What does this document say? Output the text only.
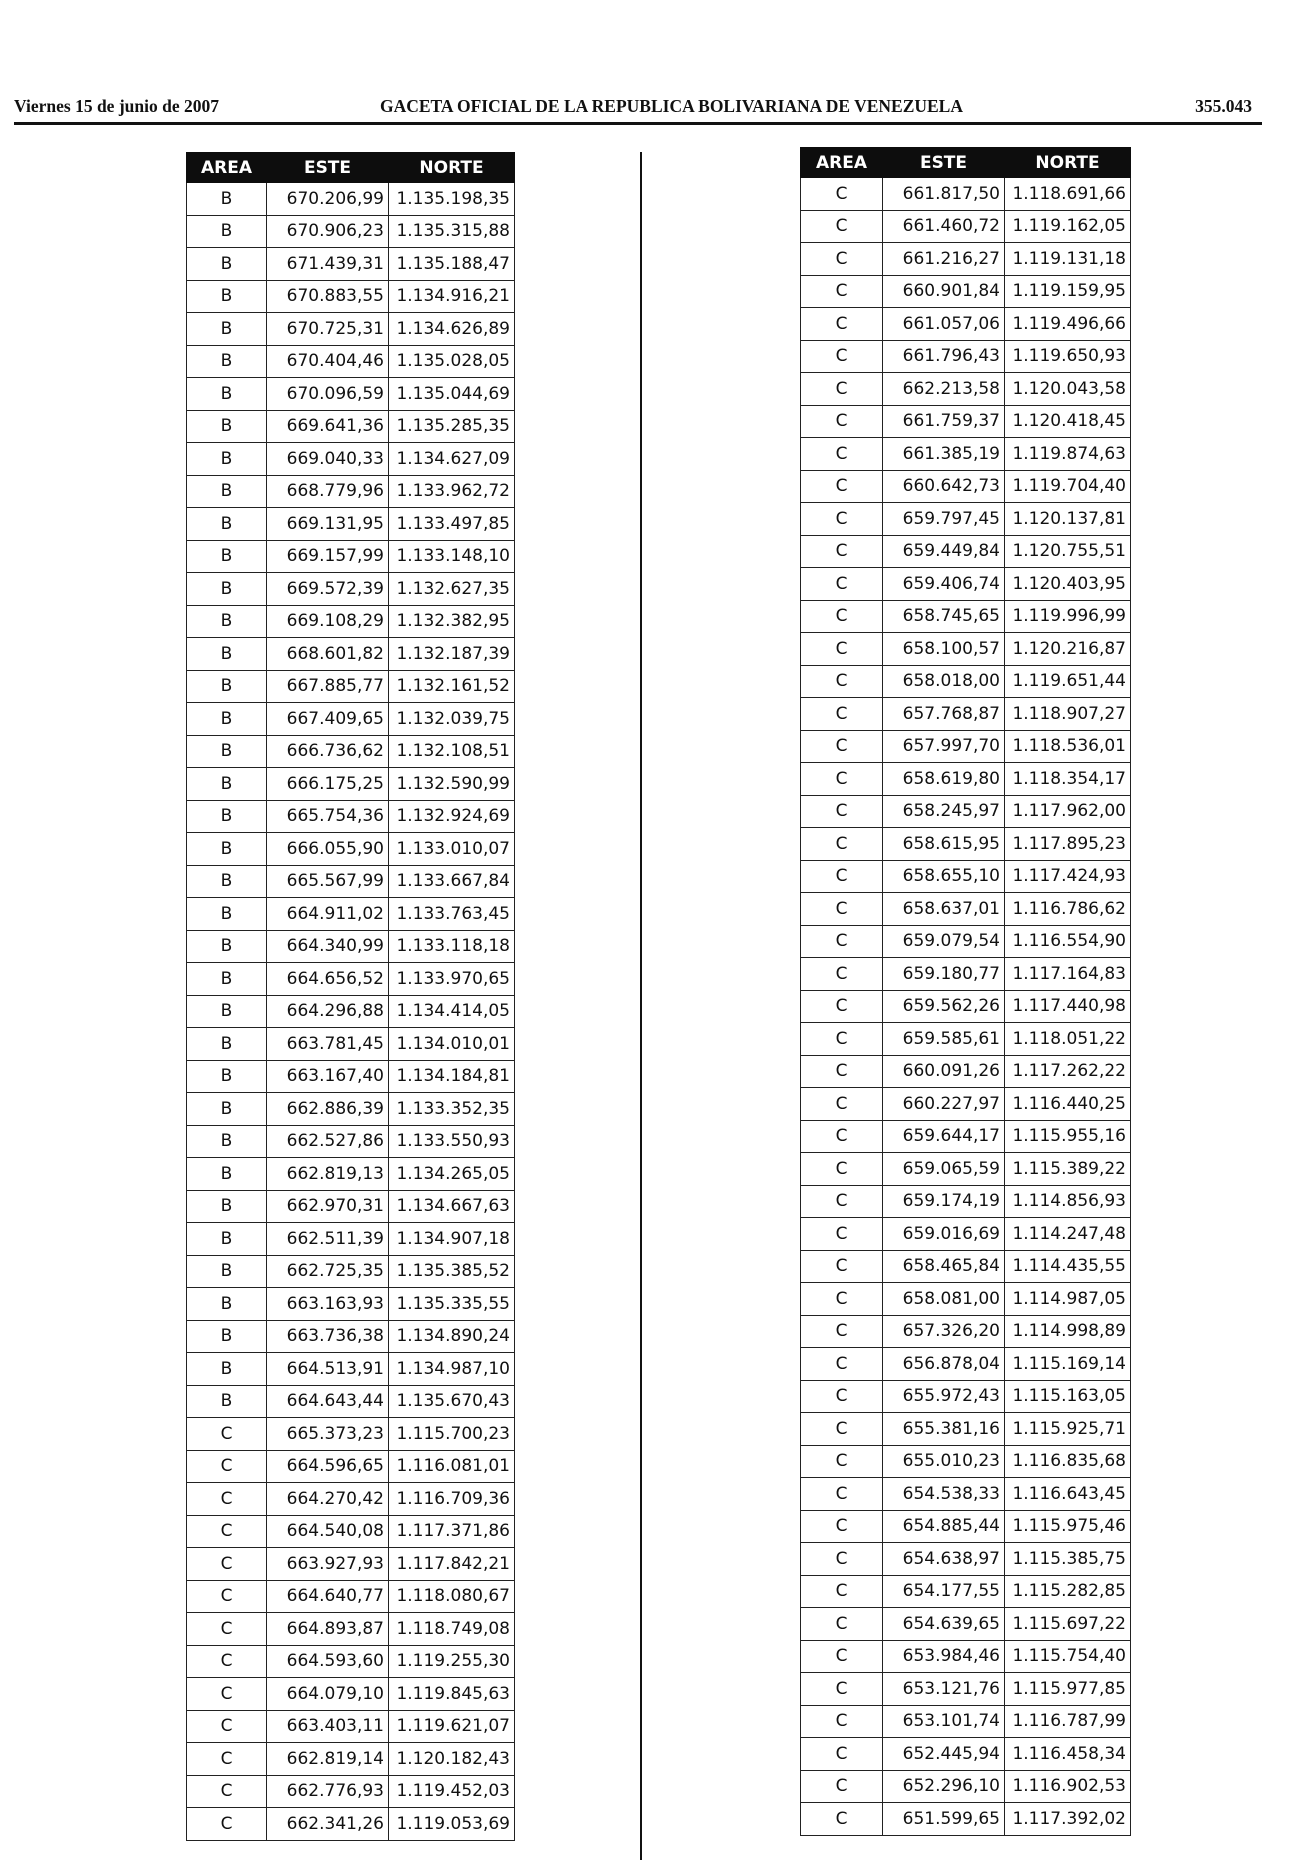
Viernes 15 de junio de 2007	GACETA OFICIAL DE LA REPUBLICA BOLIVARIANA DE VENEZUELA	355.043
AREA	ESTE	NORTE
B	670.206,99	1.135.198,35
B	670.906,23	1.135.315,88
B	671.439,31	1.135.188,47
B	670.883,55	1.134.916,21
B	670.725,31	1.134.626,89
B	670.404,46	1.135.028,05
B	670.096,59	1.135.044,69
B	669.641,36	1.135.285,35
B	669.040,33	1.134.627,09
B	668.779,96	1.133.962,72
B	669.131,95	1.133.497,85
B	669.157,99	1.133.148,10
B	669.572,39	1.132.627,35
B	669.108,29	1.132.382,95
B	668.601,82	1.132.187,39
B	667.885,77	1.132.161,52
B	667.409,65	1.132.039,75
B	666.736,62	1.132.108,51
B	666.175,25	1.132.590,99
B	665.754,36	1.132.924,69
B	666.055,90	1.133.010,07
B	665.567,99	1.133.667,84
B	664.911,02	1.133.763,45
B	664.340,99	1.133.118,18
B	664.656,52	1.133.970,65
B	664.296,88	1.134.414,05
B	663.781,45	1.134.010,01
B	663.167,40	1.134.184,81
B	662.886,39	1.133.352,35
B	662.527,86	1.133.550,93
B	662.819,13	1.134.265,05
B	662.970,31	1.134.667,63
B	662.511,39	1.134.907,18
B	662.725,35	1.135.385,52
B	663.163,93	1.135.335,55
B	663.736,38	1.134.890,24
B	664.513,91	1.134.987,10
B	664.643,44	1.135.670,43
C	665.373,23	1.115.700,23
C	664.596,65	1.116.081,01
C	664.270,42	1.116.709,36
C	664.540,08	1.117.371,86
C	663.927,93	1.117.842,21
C	664.640,77	1.118.080,67
C	664.893,87	1.118.749,08
C	664.593,60	1.119.255,30
C	664.079,10	1.119.845,63
C	663.403,11	1.119.621,07
C	662.819,14	1.120.182,43
C	662.776,93	1.119.452,03
C	662.341,26	1.119.053,69
AREA	ESTE	NORTE
C	661.817,50	1.118.691,66
C	661.460,72	1.119.162,05
C	661.216,27	1.119.131,18
C	660.901,84	1.119.159,95
C	661.057,06	1.119.496,66
C	661.796,43	1.119.650,93
C	662.213,58	1.120.043,58
C	661.759,37	1.120.418,45
C	661.385,19	1.119.874,63
C	660.642,73	1.119.704,40
C	659.797,45	1.120.137,81
C	659.449,84	1.120.755,51
C	659.406,74	1.120.403,95
C	658.745,65	1.119.996,99
C	658.100,57	1.120.216,87
C	658.018,00	1.119.651,44
C	657.768,87	1.118.907,27
C	657.997,70	1.118.536,01
C	658.619,80	1.118.354,17
C	658.245,97	1.117.962,00
C	658.615,95	1.117.895,23
C	658.655,10	1.117.424,93
C	658.637,01	1.116.786,62
C	659.079,54	1.116.554,90
C	659.180,77	1.117.164,83
C	659.562,26	1.117.440,98
C	659.585,61	1.118.051,22
C	660.091,26	1.117.262,22
C	660.227,97	1.116.440,25
C	659.644,17	1.115.955,16
C	659.065,59	1.115.389,22
C	659.174,19	1.114.856,93
C	659.016,69	1.114.247,48
C	658.465,84	1.114.435,55
C	658.081,00	1.114.987,05
C	657.326,20	1.114.998,89
C	656.878,04	1.115.169,14
C	655.972,43	1.115.163,05
C	655.381,16	1.115.925,71
C	655.010,23	1.116.835,68
C	654.538,33	1.116.643,45
C	654.885,44	1.115.975,46
C	654.638,97	1.115.385,75
C	654.177,55	1.115.282,85
C	654.639,65	1.115.697,22
C	653.984,46	1.115.754,40
C	653.121,76	1.115.977,85
C	653.101,74	1.116.787,99
C	652.445,94	1.116.458,34
C	652.296,10	1.116.902,53
C	651.599,65	1.117.392,02
